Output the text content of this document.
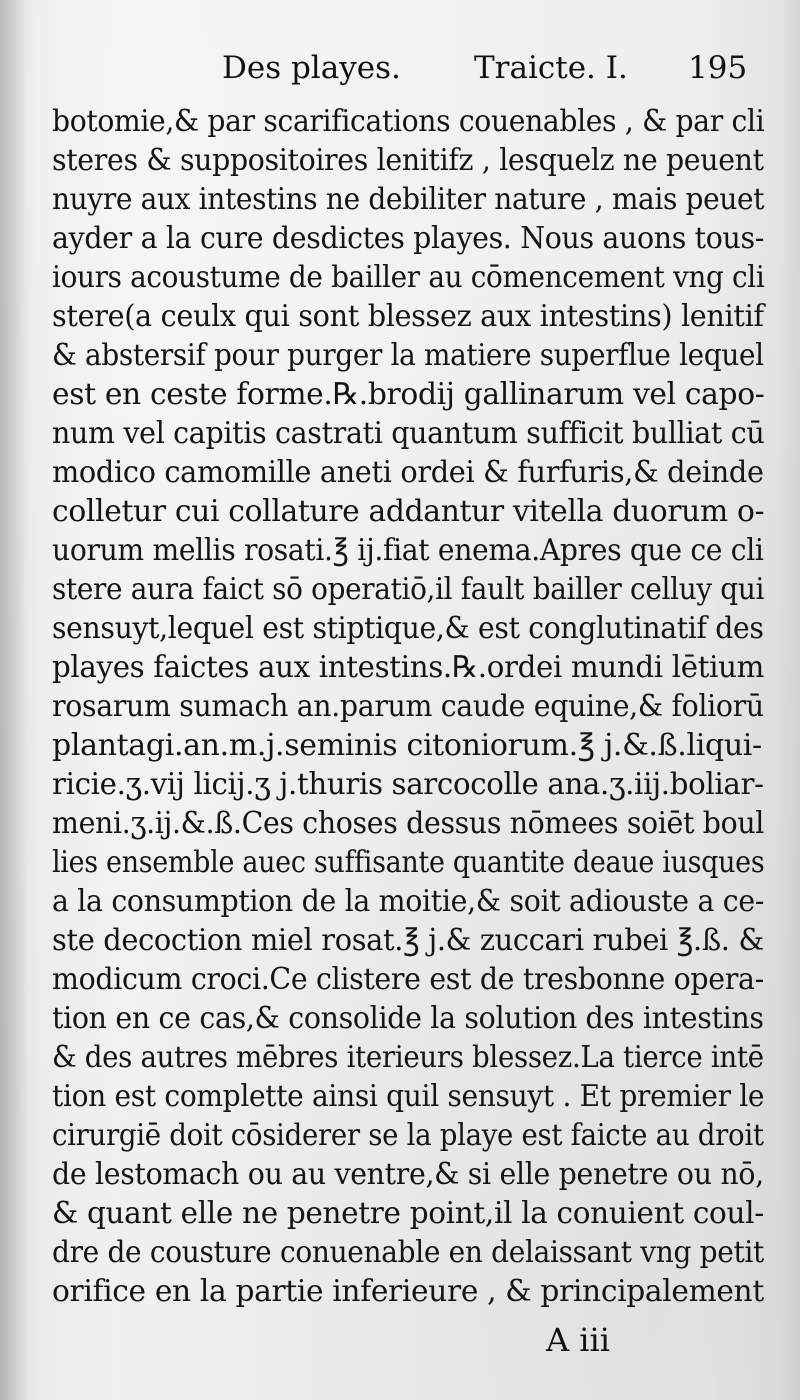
Des playes. Traicte. I. 195
botomie,& par scarifications couenables , & par cli
steres & suppositoires lenitifz , lesquelz ne peuent
nuyre aux intestins ne debiliter nature , mais peuet
ayder a la cure desdictes playes. Nous auons tous-
iours acoustume de bailler au cōmencement vng cli
stere(a ceulx qui sont blessez aux intestins) lenitif
& abstersif pour purger la matiere superflue lequel
est en ceste forme.℞.brodij gallinarum vel capo-
num vel capitis castrati quantum sufficit bulliat cū
modico camomille aneti ordei & furfuris,& deinde
colletur cui collature addantur vitella duorum o-
uorum mellis rosati.℥ ij.fiat enema.Apres que ce cli
stere aura faict sō operatiō,il fault bailler celluy qui
sensuyt,lequel est stiptique,& est conglutinatif des
playes faictes aux intestins.℞.ordei mundi lētium
rosarum sumach an.parum caude equine,& foliorū
plantagi.an.m.j.seminis citoniorum.℥ j.&.ß.liqui-
ricie.ʒ.vij licij.ʒ j.thuris sarcocolle ana.ʒ.iij.boliar-
meni.ʒ.ij.&.ß.Ces choses dessus nōmees soiēt boul
lies ensemble auec suffisante quantite deaue iusques
a la consumption de la moitie,& soit adiouste a ce-
ste decoction miel rosat.℥ j.& zuccari rubei ℥.ß. &
modicum croci.Ce clistere est de tresbonne opera-
tion en ce cas,& consolide la solution des intestins
& des autres mēbres iterieurs blessez.La tierce intē
tion est complette ainsi quil sensuyt . Et premier le
cirurgiē doit cōsiderer se la playe est faicte au droit
de lestomach ou au ventre,& si elle penetre ou nō,
& quant elle ne penetre point,il la conuient coul-
dre de cousture conuenable en delaissant vng petit
orifice en la partie inferieure , & principalement
A iii
